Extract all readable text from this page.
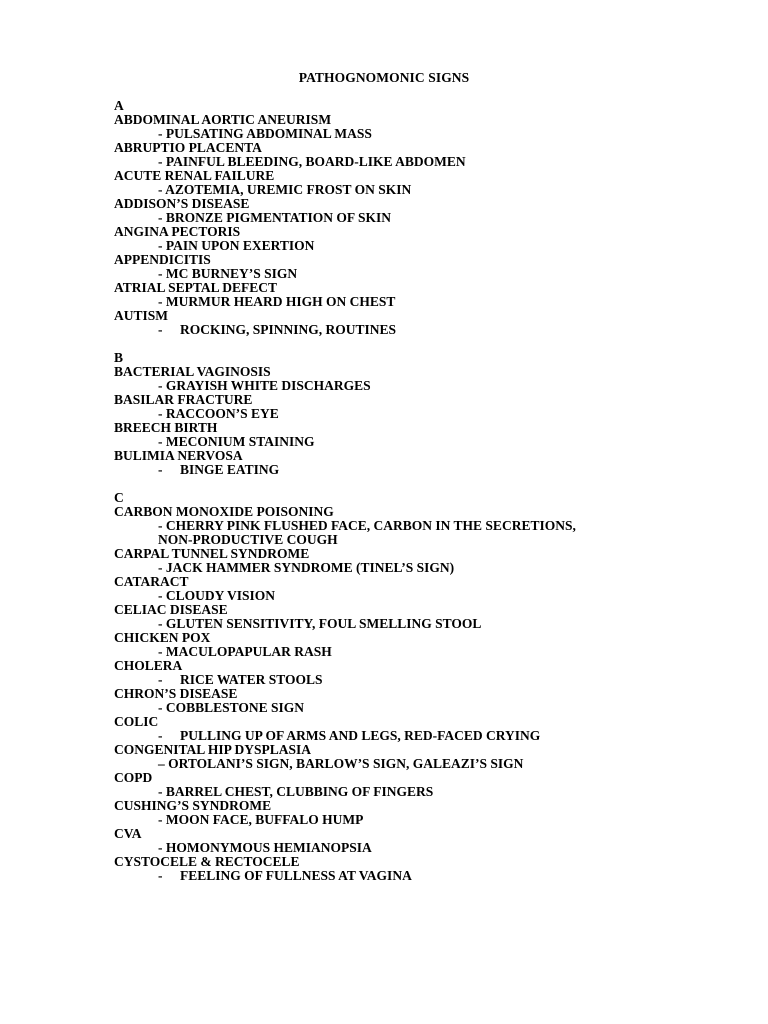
PATHOGNOMONIC SIGNS
A
ABDOMINAL AORTIC ANEURISM
- PULSATING ABDOMINAL MASS
ABRUPTIO PLACENTA
- PAINFUL BLEEDING, BOARD-LIKE ABDOMEN
ACUTE RENAL FAILURE
- AZOTEMIA, UREMIC FROST ON SKIN
ADDISON’S DISEASE
- BRONZE PIGMENTATION OF SKIN
ANGINA PECTORIS
- PAIN UPON EXERTION
APPENDICITIS
- MC BURNEY’S SIGN
ATRIAL SEPTAL DEFECT
- MURMUR HEARD HIGH ON CHEST
AUTISM
- ROCKING, SPINNING, ROUTINES
B
BACTERIAL VAGINOSIS
- GRAYISH WHITE DISCHARGES
BASILAR FRACTURE
- RACCOON’S EYE
BREECH BIRTH
- MECONIUM STAINING
BULIMIA NERVOSA
- BINGE EATING
C
CARBON MONOXIDE POISONING
- CHERRY PINK FLUSHED FACE, CARBON IN THE SECRETIONS,
NON-PRODUCTIVE COUGH
CARPAL TUNNEL SYNDROME
- JACK HAMMER SYNDROME (TINEL’S SIGN)
CATARACT
- CLOUDY VISION
CELIAC DISEASE
- GLUTEN SENSITIVITY, FOUL SMELLING STOOL
CHICKEN POX
- MACULOPAPULAR RASH
CHOLERA
- RICE WATER STOOLS
CHRON’S DISEASE
- COBBLESTONE SIGN
COLIC
- PULLING UP OF ARMS AND LEGS, RED-FACED CRYING
CONGENITAL HIP DYSPLASIA
– ORTOLANI’S SIGN, BARLOW’S SIGN, GALEAZI’S SIGN
COPD
- BARREL CHEST, CLUBBING OF FINGERS
CUSHING’S SYNDROME
- MOON FACE, BUFFALO HUMP
CVA
- HOMONYMOUS HEMIANOPSIA
CYSTOCELE & RECTOCELE
- FEELING OF FULLNESS AT VAGINA
